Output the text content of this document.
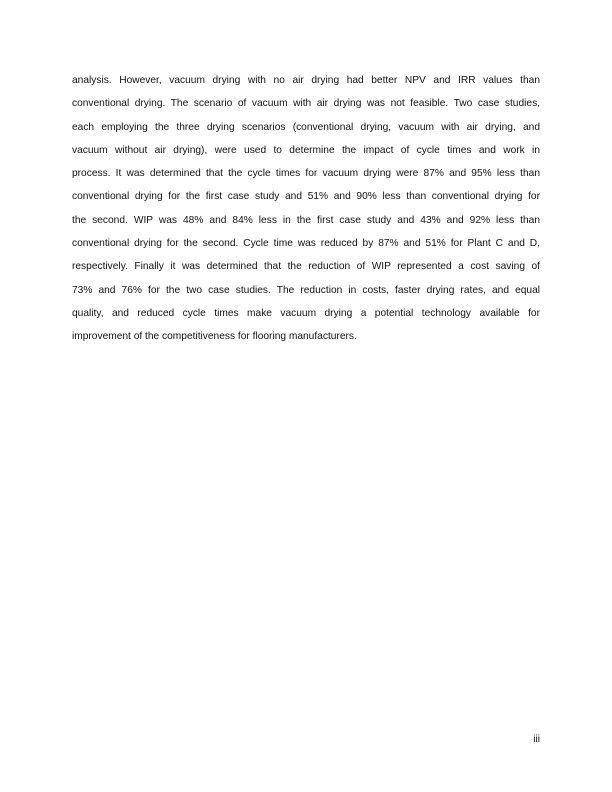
analysis. However, vacuum drying with no air drying had better NPV and IRR values than
conventional drying. The scenario of vacuum with air drying was not feasible. Two case studies,
each employing the three drying scenarios (conventional drying, vacuum with air drying, and
vacuum without air drying), were used to determine the impact of cycle times and work in
process. It was determined that the cycle times for vacuum drying were 87% and 95% less than
conventional drying for the first case study and 51% and 90% less than conventional drying for
the second. WIP was 48% and 84% less in the first case study and 43% and 92% less than
conventional drying for the second. Cycle time was reduced by 87% and 51% for Plant C and D,
respectively. Finally it was determined that the reduction of WIP represented a cost saving of
73% and 76% for the two case studies. The reduction in costs, faster drying rates, and equal
quality, and reduced cycle times make vacuum drying a potential technology available for
improvement of the competitiveness for flooring manufacturers.

iii
